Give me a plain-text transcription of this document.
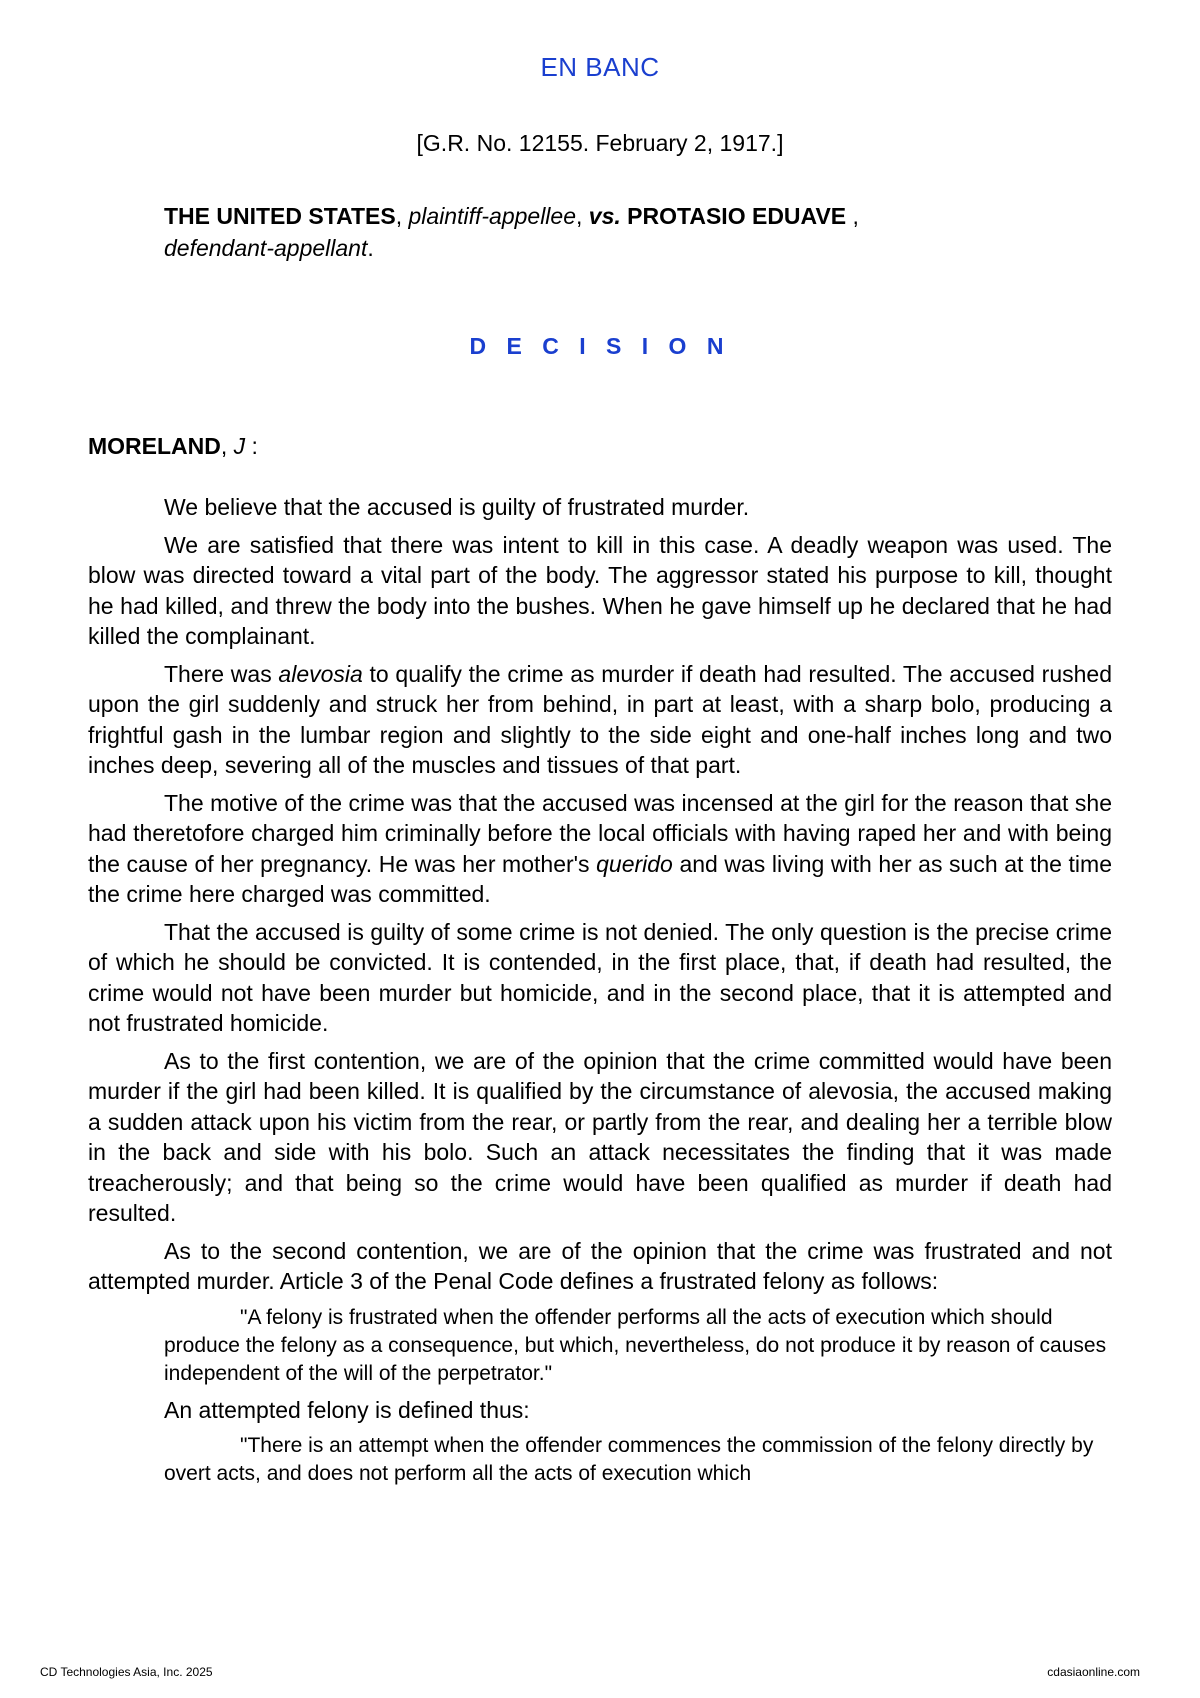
EN BANC
[G.R. No. 12155. February 2, 1917.]
THE UNITED STATES, plaintiff-appellee, vs. PROTASIO EDUAVE ,
defendant-appellant.
D E C I S I O N
MORELAND, J :

We believe that the accused is guilty of frustrated murder.

We are satisfied that there was intent to kill in this case. A deadly weapon was used. The blow was directed toward a vital part of the body. The aggressor stated his purpose to kill, thought he had killed, and threw the body into the bushes. When he gave himself up he declared that he had killed the complainant.

There was alevosia to qualify the crime as murder if death had resulted. The accused rushed upon the girl suddenly and struck her from behind, in part at least, with a sharp bolo, producing a frightful gash in the lumbar region and slightly to the side eight and one-half inches long and two inches deep, severing all of the muscles and tissues of that part.

The motive of the crime was that the accused was incensed at the girl for the reason that she had theretofore charged him criminally before the local officials with having raped her and with being the cause of her pregnancy. He was her mother's querido and was living with her as such at the time the crime here charged was committed.

That the accused is guilty of some crime is not denied. The only question is the precise crime of which he should be convicted. It is contended, in the first place, that, if death had resulted, the crime would not have been murder but homicide, and in the second place, that it is attempted and not frustrated homicide.

As to the first contention, we are of the opinion that the crime committed would have been murder if the girl had been killed. It is qualified by the circumstance of alevosia, the accused making a sudden attack upon his victim from the rear, or partly from the rear, and dealing her a terrible blow in the back and side with his bolo. Such an attack necessitates the finding that it was made treacherously; and that being so the crime would have been qualified as murder if death had resulted.

As to the second contention, we are of the opinion that the crime was frustrated and not attempted murder. Article 3 of the Penal Code defines a frustrated felony as follows:

"A felony is frustrated when the offender performs all the acts of execution which should produce the felony as a consequence, but which, nevertheless, do not produce it by reason of causes independent of the will of the perpetrator."

An attempted felony is defined thus:

"There is an attempt when the offender commences the commission of the felony directly by overt acts, and does not perform all the acts of execution which

CD Technologies Asia, Inc. 2025	cdasiaonline.com
